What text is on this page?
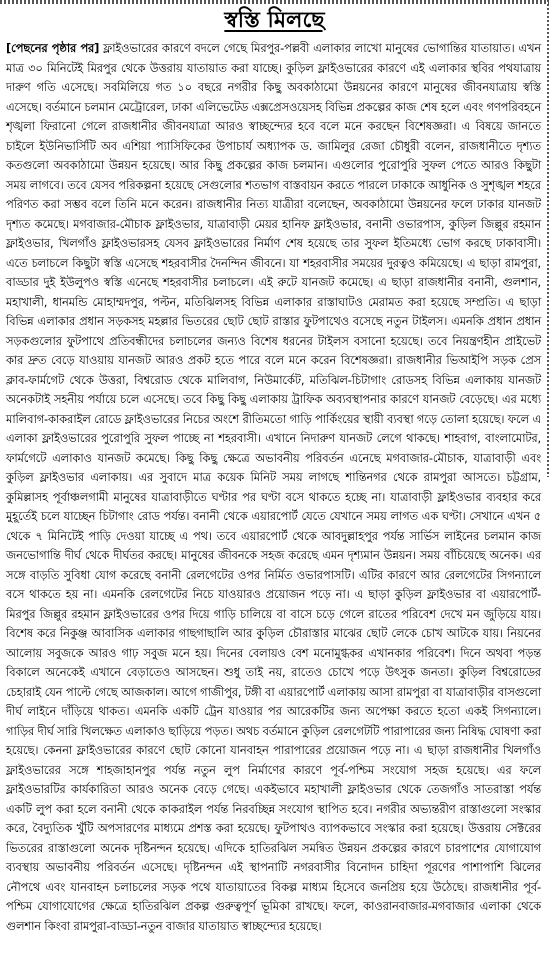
স্বস্তি মিলছে
[পেছনের পৃষ্ঠার পর] ফ্লাইওভারের কারণে বদলে গেছে মিরপুর-পল্লবী এলাকার লাখো মানুষের ভোগান্তির যাতায়াত। এখন মাত্র ৩০ মিনিটেই মিরপুর থেকে উত্তরায় যাতায়াত করা যাচ্ছে। কুড়িল ফ্লাইওভারের কারণে এই এলাকার স্থবির পথযাত্রায় দারুণ গতি এসেছে। সবমিলিয়ে গত ১০ বছরে নগরীর কিছু অবকাঠামো উন্নয়নের কারণে মানুষের জীবনযাত্রায় স্বস্তি এসেছে। বর্তমানে চলমান মেট্রোরেল, ঢাকা এলিভেটেড এক্সপ্রেসওয়েসহ বিভিন্ন প্রকল্পের কাজ শেষ হলে এবং গণপরিবহনে শৃঙ্খলা ফিরানো গেলে রাজধানীর জীবনযাত্রা আরও স্বাচ্ছন্দ্যের হবে বলে মনে করছেন বিশেষজ্ঞরা। এ বিষয়ে জানতে চাইলে ইউনিভার্সিটি অব এশিয়া প্যাসিফিকের উপাচার্য অধ্যাপক ড. জামিলুর রেজা চৌধুরী বলেন, রাজধানীতে দৃশ্যত কতগুলো অবকাঠামো উন্নয়ন হয়েছে। আর কিছু প্রকল্পের কাজ চলমান। এগুলোর পুরোপুরি সুফল পেতে আরও কিছুটা সময় লাগবে। তবে যেসব পরিকল্পনা হয়েছে সেগুলোর শতভাগ বাস্তবায়ন করতে পারলে ঢাকাকে আধুনিক ও সুশৃঙ্খল শহরে পরিণত করা সম্ভব বলে তিনি মনে করেন। রাজধানীর নিত্য যাত্রীরা বলেছেন, অবকাঠামো উন্নয়নের ফলে ঢাকার যানজট দৃশ্যত কমেছে। মগবাজার-মৌচাক ফ্লাইওভার, যাত্রাবাড়ী মেয়র হানিফ ফ্লাইওভার, বনানী ওভারপাস, কুড়িল জিল্লুর রহমান ফ্লাইওভার, খিলগাঁও ফ্লাইওভারসহ যেসব ফ্লাইওভারের নির্মাণ শেষ হয়েছে তার সুফল ইতিমধ্যে ভোগ করছে ঢাকাবাসী। এতে চলাচলে কিছুটা স্বস্তি এসেছে শহরবাসীর দৈনন্দিন জীবনে। যা শহরবাসীর সময়ের দুরত্বও কমিয়েছে। এ ছাড়া রামপুরা, বাড্ডার দুই ইউলুপও স্বস্তি এনেছে শহরবাসীর চলাচলে। এই রুটে যানজট কমেছে। এ ছাড়া রাজধানীর বনানী, গুলশান, মহাখালী, ধানমন্ডি মোহাম্মদপুর, পল্টন, মতিঝিলসহ বিভিন্ন এলাকার রাস্তাঘাটও মেরামত করা হয়েছে সম্প্রতি। এ ছাড়া বিভিন্ন এলাকার প্রধান সড়কসহ মহল্লার ভিতরের ছোট ছোট রাস্তার ফুটপাথেও বসেছে নতুন টাইলস। এমনকি প্রধান প্রধান সড়কগুলোর ফুটপাথে প্রতিবন্ধীদের চলাচলের জন্যও বিশেষ ধরনের টাইলস বসানো হয়েছে। তবে নিয়ন্ত্রণহীন প্রাইভেট কার দ্রুত বেড়ে যাওয়ায় যানজট আরও প্রকট হতে পারে বলে মনে করেন বিশেষজ্ঞরা। রাজধানীর ভিআইপি সড়ক প্রেস ক্লাব-ফার্মগেট থেকে উত্তরা, বিশ্বরোড থেকে মালিবাগ, নিউমার্কেট, মতিঝিল-চিটাগাং রোডসহ বিভিন্ন এলাকায় যানজট অনেকটাই সহনীয় পর্যায়ে চলে এসেছে। তবে কিছু কিছু এলাকায় ট্রাফিক অব্যবস্থাপনার কারণে যানজট বেড়েছে। এর মধ্যে মালিবাগ-কাকরাইল রোডে ফ্লাইওভারের নিচের অংশে রীতিমতো গাড়ি পার্কিংয়ের স্থায়ী ব্যবস্থা গড়ে তোলা হয়েছে। ফলে এ এলাকা ফ্লাইওভারের পুরোপুরি সুফল পাচ্ছে না শহরবাসী। এখানে নিদারুণ যানজট লেগে থাকছে। শাহবাগ, বাংলামোটর, ফার্মগেটে এলাকাও যানজট কমেছে। কিছু কিছু ক্ষেত্রে অভাবনীয় পরিবর্তন এনেছে মগবাজার-মৌচাক, যাত্রাবাড়ী এবং কুড়িল ফ্লাইওভার এলাকায়। এর সুবাদে মাত্র কয়েক মিনিট সময় লাগছে শান্তিনগর থেকে রামপুরা আসতে। চট্টগ্রাম, কুমিল্লাসহ পূর্বাঞ্চলগামী মানুষের যাত্রাবাড়ীতে ঘণ্টার পর ঘণ্টা বসে থাকতে হচ্ছে না। যাত্রাবাড়ী ফ্লাইওভার ব্যবহার করে মুহূর্তেই চলে যাচ্ছেন চিটাগাং রোড পর্যন্ত। বনানী থেকে এয়ারপোর্ট যেতে যেখানে সময় লাগত এক ঘণ্টা। সেখানে এখন ৫ থেকে ৭ মিনিটেই পাড়ি দেওয়া যাচ্ছে এ পথ। তবে এয়ারপোর্ট থেকে আবদুল্লাহপুর পর্যন্ত সার্ভিস লাইনের চলমান কাজ জনভোগান্তি দীর্ঘ থেকে দীর্ঘতর করছে। মানুষের জীবনকে সহজ করেছে এমন দৃশ্যমান উন্নয়ন। সময় বাঁচিয়েছে অনেক। এর সঙ্গে বাড়তি সুবিধা যোগ করেছে বনানী রেলগেটের ওপর নির্মিত ওভারপাসটি। এটির কারণে আর রেলগেটের সিগন্যালে বসে থাকতে হয় না। এমনকি রেলগেটের নিচে যাওয়ারও প্রয়োজন পড়ে না। এ ছাড়া কুড়িল ফ্লাইওভার বা এয়ারপোর্ট-মিরপুর জিল্লুর রহমান ফ্লাইওভারের ওপর দিয়ে গাড়ি চালিয়ে বা বাসে চড়ে গেলে রাতের পরিবেশ দেখে মন জুড়িয়ে যায়। বিশেষ করে নিকুঞ্জ আবাসিক এলাকার গাছগাছালি আর কুড়িল চৌরাস্তার মাঝের ছোট লেকে চোখ আটকে যায়। নিয়নের আলোয় সবুজকে আরও গাঢ় সবুজ মনে হয়। দিনের বেলায়ও বেশ মনোমুগ্ধকর এখানকার পরিবেশ। দিনে অথবা পড়ন্ত বিকালে অনেকেই এখানে বেড়াতেও আসছেন। শুধু তাই নয়, রাতেও চোখে পড়ে উৎসুক জনতা। কুড়িল বিশ্বরোডের চেহারাই যেন পাল্টে গেছে আজকাল। আগে গাজীপুর, টঙ্গী বা এয়ারপোর্ট এলাকায় আসা রামপুরা বা যাত্রাবাড়ীর বাসগুলো দীর্ঘ লাইনে দাঁড়িয়ে থাকত। এমনকি একটি ট্রেন যাওয়ার পর আরেকটির জন্য অপেক্ষা করতে হতো একই সিগন্যালে। গাড়ির দীর্ঘ সারি খিলক্ষেত এলাকাও ছাড়িয়ে পড়ত। অথচ বর্তমানে কুড়িল রেলগেটটি পারাপারের জন্য নিষিদ্ধ ঘোষণা করা হয়েছে। কেননা ফ্লাইওভারের কারণে ছোট কোনো যানবাহন পারাপারের প্রয়োজন পড়ে না। এ ছাড়া রাজধানীর খিলগাঁও ফ্লাইওভারের সঙ্গে শাহজাহানপুর পর্যন্ত নতুন লুপ নির্মাণের কারণে পূর্ব-পশ্চিম সংযোগ সহজ হয়েছে। এর ফলে ফ্লাইওভারটির কার্যকারিতা আরও অনেক বেড়ে গেছে। একইভাবে মহাখালী ফ্লাইওভার থেকে তেজগাঁও সাতরাস্তা পর্যন্ত একটি লুপ করা হলে বনানী থেকে কাকরাইল পর্যন্ত নিরবচ্ছিন্ন সংযোগ স্থাপিত হবে। নগরীর অভ্যন্তরীণ রাস্তাগুলো সংস্কার করে, বৈদ্যুতিক খুঁটি অপসারণের মাধ্যমে প্রশস্ত করা হয়েছে। ফুটপাথও ব্যাপকভাবে সংস্কার করা হয়েছে। উত্তরায় সেক্টরের ভিতরের রাস্তাগুলো অনেক দৃষ্টিনন্দন হয়েছে। এদিকে হাতিরঝিল সমন্বিত উন্নয়ন প্রকল্পের কারণে চারপাশের যোগাযোগ ব্যবস্থায় অভাবনীয় পরিবর্তন এসেছে। দৃষ্টিনন্দন এই স্থাপনাটি নগরবাসীর বিনোদন চাহিদা পূরণের পাশাপাশি ঝিলের নৌপথে এবং যানবাহন চলাচলের সড়ক পথে যাতায়াতের বিকল্প মাধ্যম হিসেবে জনপ্রিয় হয়ে উঠেছে। রাজধানীর পূর্ব-পশ্চিম যোগাযোগের ক্ষেত্রে হাতিরঝিল প্রকল্প গুরুত্বপূর্ণ ভূমিকা রাখছে। ফলে, কাওরানবাজার-মগবাজার এলাকা থেকে গুলশান কিংবা রামপুরা-বাড্ডা-নতুন বাজার যাতায়াত স্বাচ্ছন্দ্যের হয়েছে।
